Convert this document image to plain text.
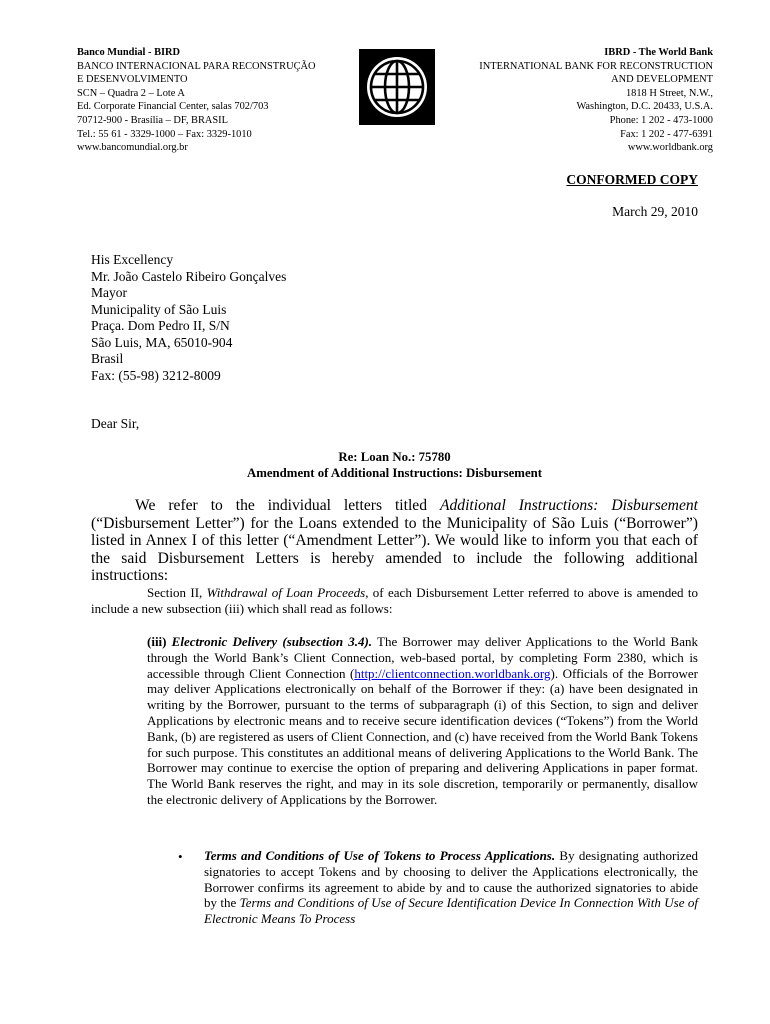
Banco Mundial - BIRD
BANCO INTERNACIONAL PARA RECONSTRUÇÃO
E DESENVOLVIMENTO
SCN – Quadra 2 – Lote A
Ed. Corporate Financial Center, salas 702/703
70712-900 - Brasília – DF, BRASIL
Tel.: 55 61 - 3329-1000 – Fax: 3329-1010
www.bancomundial.org.br
IBRD - The World Bank
INTERNATIONAL BANK FOR RECONSTRUCTION
AND DEVELOPMENT
1818 H Street, N.W.,
Washington, D.C. 20433, U.S.A.
Phone: 1 202 - 473-1000
Fax: 1 202 - 477-6391
www.worldbank.org
CONFORMED COPY
March 29, 2010
His Excellency
Mr. João Castelo Ribeiro Gonçalves
Mayor
Municipality of São Luis
Praça. Dom Pedro II, S/N
São Luis, MA, 65010-904
Brasil
Fax: (55-98) 3212-8009
Dear Sir,
Re: Loan No.: 75780
Amendment of Additional Instructions: Disbursement
We refer to the individual letters titled Additional Instructions: Disbursement (“Disbursement Letter”) for the Loans extended to the Municipality of São Luis (“Borrower”) listed in Annex I of this letter (“Amendment Letter”). We would like to inform you that each of the said Disbursement Letters is hereby amended to include the following additional instructions:
Section II, Withdrawal of Loan Proceeds, of each Disbursement Letter referred to above is amended to include a new subsection (iii) which shall read as follows:
(iii) Electronic Delivery (subsection 3.4). The Borrower may deliver Applications to the World Bank through the World Bank’s Client Connection, web-based portal, by completing Form 2380, which is accessible through Client Connection (http://clientconnection.worldbank.org). Officials of the Borrower may deliver Applications electronically on behalf of the Borrower if they: (a) have been designated in writing by the Borrower, pursuant to the terms of subparagraph (i) of this Section, to sign and deliver Applications by electronic means and to receive secure identification devices (“Tokens”) from the World Bank, (b) are registered as users of Client Connection, and (c) have received from the World Bank Tokens for such purpose. This constitutes an additional means of delivering Applications to the World Bank. The Borrower may continue to exercise the option of preparing and delivering Applications in paper format. The World Bank reserves the right, and may in its sole discretion, temporarily or permanently, disallow the electronic delivery of Applications by the Borrower.
• Terms and Conditions of Use of Tokens to Process Applications. By designating authorized signatories to accept Tokens and by choosing to deliver the Applications electronically, the Borrower confirms its agreement to abide by and to cause the authorized signatories to abide by the Terms and Conditions of Use of Secure Identification Device In Connection With Use of Electronic Means To Process
